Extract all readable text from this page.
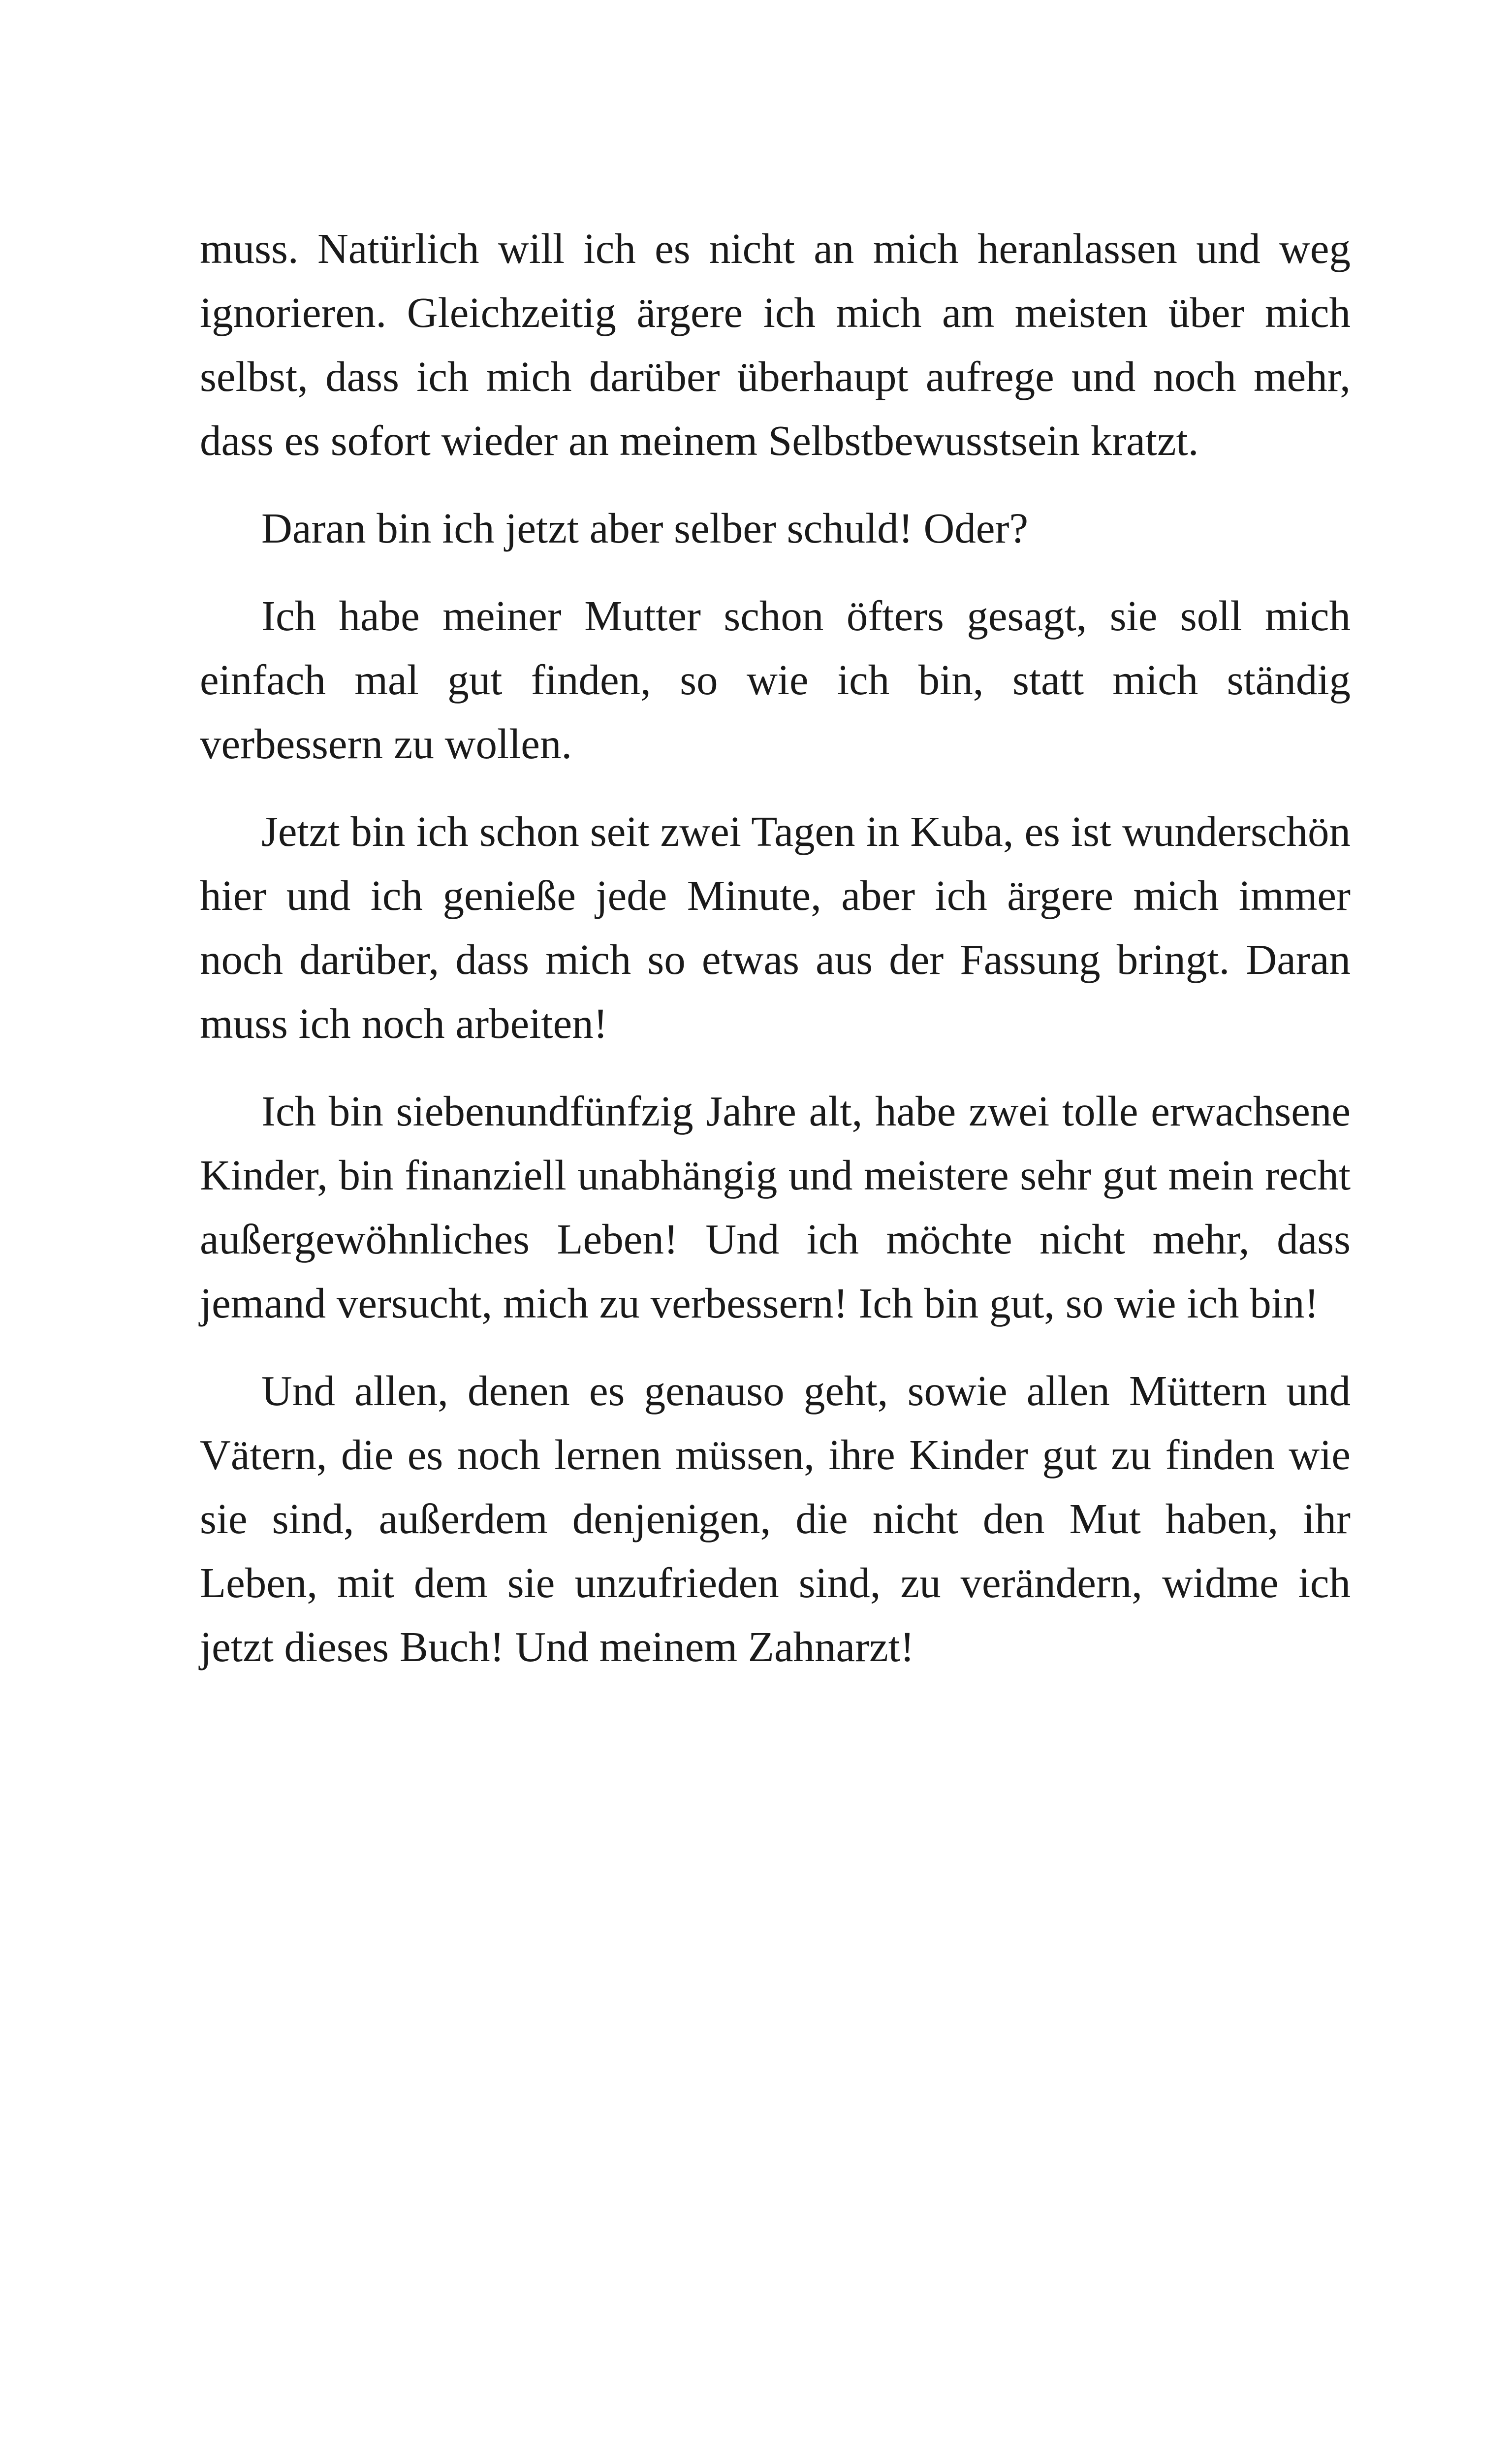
muss. Natürlich will ich es nicht an mich heranlassen und weg ignorieren. Gleichzeitig ärgere ich mich am meisten über mich selbst, dass ich mich darüber überhaupt aufrege und noch mehr, dass es sofort wieder an meinem Selbstbewusstsein kratzt.

Daran bin ich jetzt aber selber schuld! Oder?

Ich habe meiner Mutter schon öfters gesagt, sie soll mich einfach mal gut finden, so wie ich bin, statt mich ständig verbessern zu wollen.

Jetzt bin ich schon seit zwei Tagen in Kuba, es ist wunderschön hier und ich genieße jede Minute, aber ich ärgere mich immer noch darüber, dass mich so etwas aus der Fassung bringt. Daran muss ich noch arbeiten!

Ich bin siebenundfünfzig Jahre alt, habe zwei tolle erwachsene Kinder, bin finanziell unabhängig und meistere sehr gut mein recht außergewöhnliches Leben! Und ich möchte nicht mehr, dass jemand versucht, mich zu verbessern! Ich bin gut, so wie ich bin!

Und allen, denen es genauso geht, sowie allen Müttern und Vätern, die es noch lernen müssen, ihre Kinder gut zu finden wie sie sind, außerdem denjenigen, die nicht den Mut haben, ihr Leben, mit dem sie unzufrieden sind, zu verändern, widme ich jetzt dieses Buch! Und meinem Zahnarzt!
